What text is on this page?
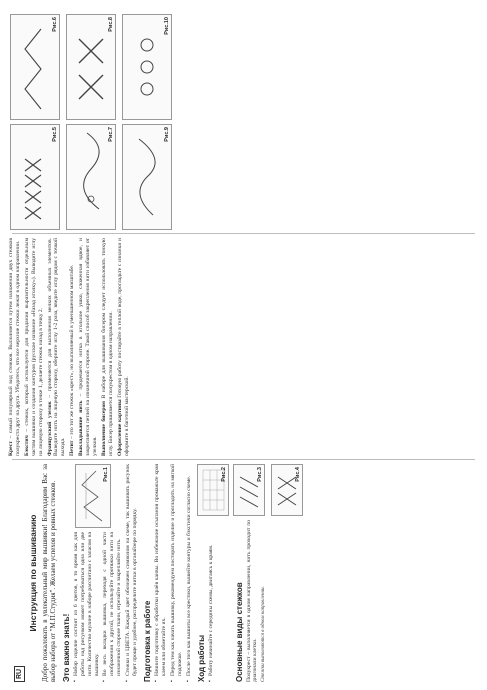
RU
Инструкция по вышиванию Добро пожаловать в увлекательный мир вышивки! Благодарим Вас за выбор набора от "М.П.Студия". Желаем успехов и ровных стежков. Это важно знать!
Рис.1
▪ Набор изделие состоит из 6 цветов, в то время как для работы над рисунком может потребоваться одна или две нити. Количество мулине в наборе рассчитано с запасом на вышивку. ▪ Во весь вкладки вышивка, переходя с одной части изображения к другой, не используйте протяжки нити на изнаночной стороне ткани, отрезайте и закрепляйте нить. ▪ Стежки и ЦВЕТА. Каждый цвет обозначен символом на схеме, так вышивать рисунок будет проще и удобнее, распределите нитки в органайзере по порядку. Подготовка к работе ▪ Начните подготовку с обработки краёв канвы. Во избежание осыпания промажьте края клеем или обметайте их. ▪ Перед тем как начать вышивку, рекомендуем постирать изделие и прогладить на мягкой подложке. ▪ После того как вышиты все крестики, вышейте контуры и бэкстичи согласно схеме.
Рис.2
Ход работы ▪ Работу начинайте с середины схемы, двигаясь к краям.
Рис.3
Основные виды стежков Полукрест – выполняется в одном направлении, нить проходит по диагонали клетки. Стежки выполняются в одном направлении.

Рис.4

Крест – самый популярный вид стежков. Выполняется путем наложения двух стежков полукреста друг на друга. Убедитесь, что все верхние стежки лежат в одном направлении. Бэкстич – стежок, который используется для придания выразительности отдельным частям вышивки и создания контуров (русское название «Назад иголку»). Выводите иглу на лицевую сторону в точке 1, делаете стежок назад в точку 2. Французский узелок – применяется для выполнения мелких объемных элементов. Выведите нить на лицевую сторону, оберните иглу 1-2 раза, введите иглу рядом с точкой выхода. Петит – это тот же стежок «крест», но выполняемый в уменьшенном масштабе. Выкладывание нить – продевается нитка в игольное ушко, сложенная вдвое, и закрепляется петлей на изнаночной стороне. Такой способ закрепления нити избавляет от узелков. Выполнение бисером В наборе для вышивания бисером следует использовать тонкую иглу. Бисер пришивается полукрестом в одном направлении. Оформление картины Готовую работу постирайте в теплой воде, прогладьте с изнанки и оформите в багетной мастерской.

Рис.5
Рис.6
Рис.7
Рис.8
Рис.9
Рис.10
